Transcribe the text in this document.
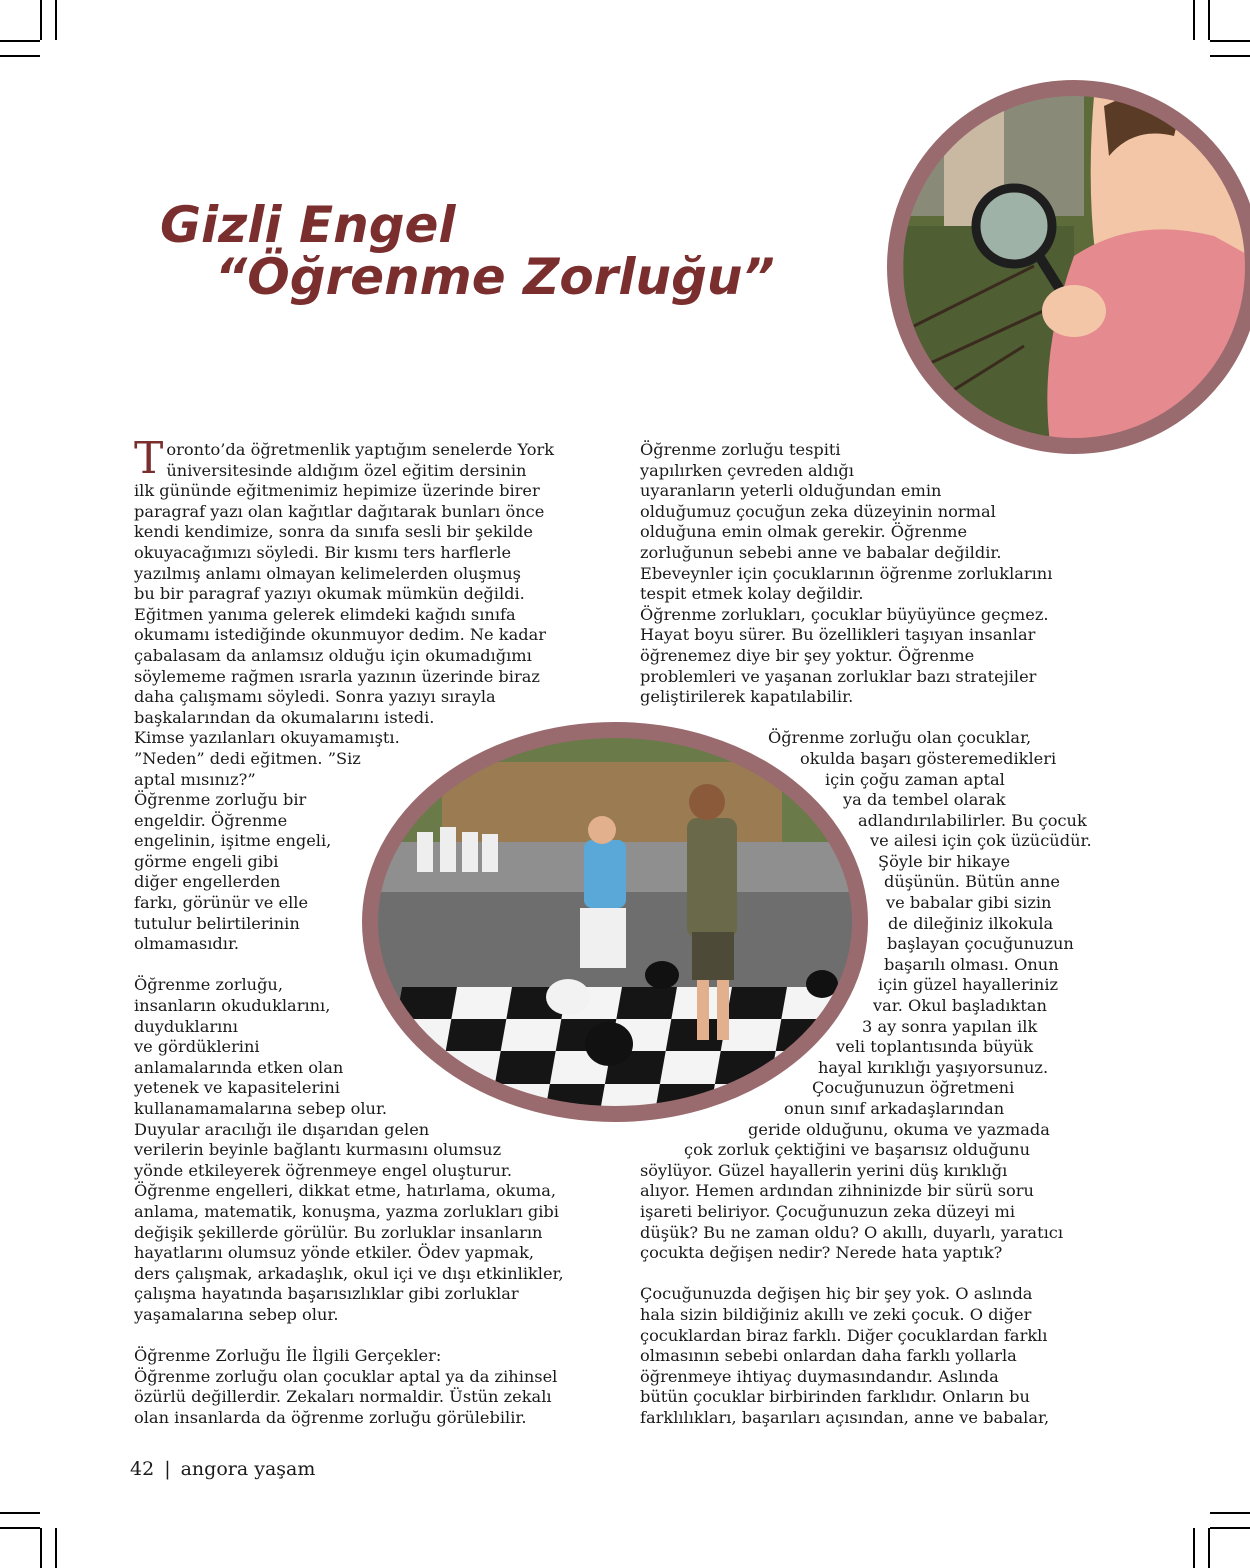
Gizli Engel
“Öğrenme Zorluğu”
T oronto’da öğretmenlik yaptığım senelerde York

üniversitesinde aldığım özel eğitim dersinin

ilk gününde eğitmenimiz hepimize üzerinde birer

paragraf yazı olan kağıtlar dağıtarak bunları önce

kendi kendimize, sonra da sınıfa sesli bir şekilde

okuyacağımızı söyledi. Bir kısmı ters harflerle

yazılmış anlamı olmayan kelimelerden oluşmuş

bu bir paragraf yazıyı okumak mümkün değildi.

Eğitmen yanıma gelerek elimdeki kağıdı sınıfa

okumamı istediğinde okunmuyor dedim. Ne kadar

çabalasam da anlamsız olduğu için okumadığımı

söylememe rağmen ısrarla yazının üzerinde biraz

daha çalışmamı söyledi. Sonra yazıyı sırayla

başkalarından da okumalarını istedi.

Kimse yazılanları okuyamamıştı.

”Neden” dedi eğitmen. ”Siz

aptal mısınız?”

Öğrenme zorluğu bir

engeldir. Öğrenme

engelinin, işitme engeli,

görme engeli gibi

diğer engellerden

farkı, görünür ve elle

tutulur belirtilerinin

olmamasıdır.

Öğrenme zorluğu,

insanların okuduklarını,

duyduklarını

ve gördüklerini

anlamalarında etken olan

yetenek ve kapasitelerini

kullanamamalarına sebep olur.

Duyular aracılığı ile dışarıdan gelen

verilerin beyinle bağlantı kurmasını olumsuz

yönde etkileyerek öğrenmeye engel oluşturur.

Öğrenme engelleri, dikkat etme, hatırlama, okuma,

anlama, matematik, konuşma, yazma zorlukları gibi

değişik şekillerde görülür. Bu zorluklar insanların

hayatlarını olumsuz yönde etkiler. Ödev yapmak,

ders çalışmak, arkadaşlık, okul içi ve dışı etkinlikler,

çalışma hayatında başarısızlıklar gibi zorluklar

yaşamalarına sebep olur.

Öğrenme Zorluğu İle İlgili Gerçekler:

Öğrenme zorluğu olan çocuklar aptal ya da zihinsel

özürlü değillerdir. Zekaları normaldir. Üstün zekalı

olan insanlarda da öğrenme zorluğu görülebilir.

Öğrenme zorluğu tespiti

yapılırken çevreden aldığı

uyaranların yeterli olduğundan emin

olduğumuz çocuğun zeka düzeyinin normal

olduğuna emin olmak gerekir. Öğrenme

zorluğunun sebebi anne ve babalar değildir.

Ebeveynler için çocuklarının öğrenme zorluklarını

tespit etmek kolay değildir.

Öğrenme zorlukları, çocuklar büyüyünce geçmez.

Hayat boyu sürer. Bu özellikleri taşıyan insanlar

öğrenemez diye bir şey yoktur. Öğrenme

problemleri ve yaşanan zorluklar bazı stratejiler

geliştirilerek kapatılabilir.

Öğrenme zorluğu olan çocuklar,

okulda başarı gösteremedikleri

için çoğu zaman aptal

ya da tembel olarak

adlandırılabilirler. Bu çocuk

ve ailesi için çok üzücüdür.

Şöyle bir hikaye

düşünün. Bütün anne

ve babalar gibi sizin

de dileğiniz ilkokula

başlayan çocuğunuzun

başarılı olması. Onun

için güzel hayalleriniz

var. Okul başladıktan

3 ay sonra yapılan ilk

veli toplantısında büyük

hayal kırıklığı yaşıyorsunuz.

Çocuğunuzun öğretmeni

onun sınıf arkadaşlarından

geride olduğunu, okuma ve yazmada

çok zorluk çektiğini ve başarısız olduğunu

söylüyor. Güzel hayallerin yerini düş kırıklığı

alıyor. Hemen ardından zihninizde bir sürü soru

işareti beliriyor. Çocuğunuzun zeka düzeyi mi

düşük? Bu ne zaman oldu? O akıllı, duyarlı, yaratıcı

çocukta değişen nedir? Nerede hata yaptık?

Çocuğunuzda değişen hiç bir şey yok. O aslında

hala sizin bildiğiniz akıllı ve zeki çocuk. O diğer

çocuklardan biraz farklı. Diğer çocuklardan farklı

olmasının sebebi onlardan daha farklı yollarla

öğrenmeye ihtiyaç duymasındandır. Aslında

bütün çocuklar birbirinden farklıdır. Onların bu

farklılıkları, başarıları açısından, anne ve babalar,

42 | angora yaşam
